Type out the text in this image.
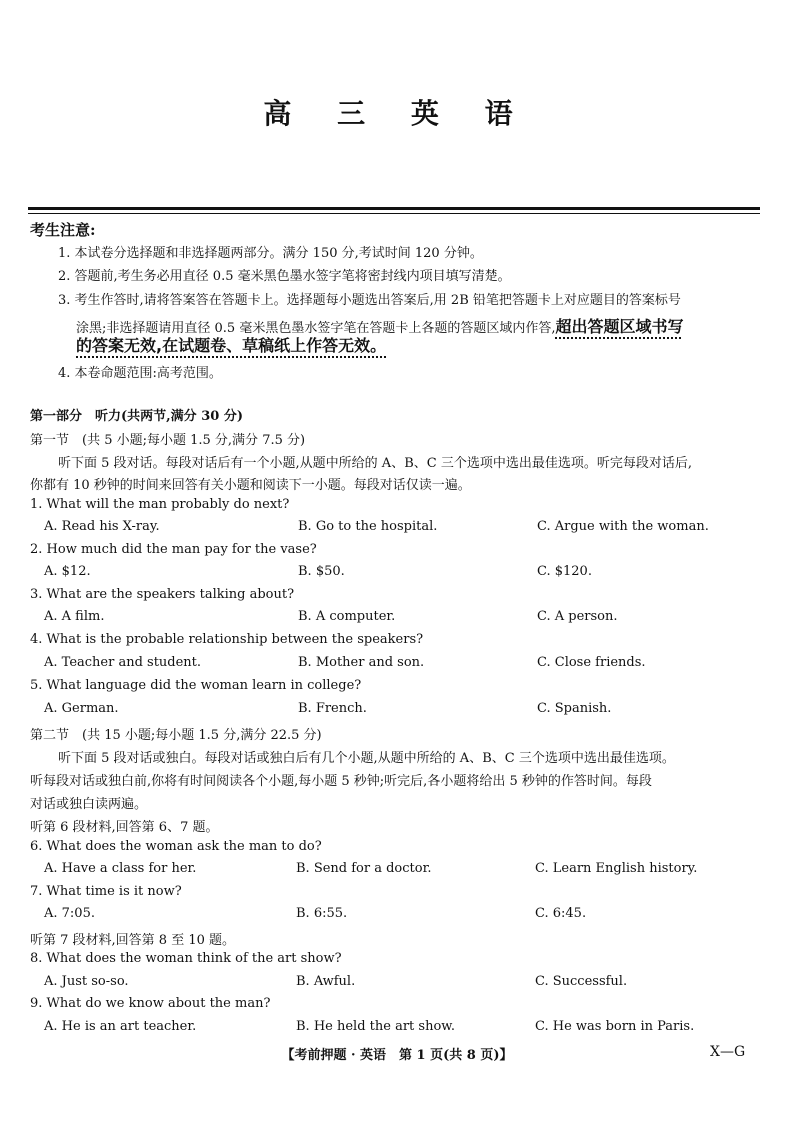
高 三 英 语
考生注意:
1. 本试卷分选择题和非选择题两部分。满分 150 分,考试时间 120 分钟。
2. 答题前,考生务必用直径 0.5 毫米黑色墨水签字笔将密封线内项目填写清楚。
3. 考生作答时,请将答案答在答题卡上。选择题每小题选出答案后,用 2B 铅笔把答题卡上对应题目的答案标号
涂黑;非选择题请用直径 0.5 毫米黑色墨水签字笔在答题卡上各题的答题区域内作答,超出答题区域书写
的答案无效,在试题卷、草稿纸上作答无效。
4. 本卷命题范围:高考范围。
第一部分　听力(共两节,满分 30 分)
第一节　(共 5 小题;每小题 1.5 分,满分 7.5 分)
听下面 5 段对话。每段对话后有一个小题,从题中所给的 A、B、C 三个选项中选出最佳选项。听完每段对话后,
你都有 10 秒钟的时间来回答有关小题和阅读下一小题。每段对话仅读一遍。
1. What will the man probably do next?
A. Read his X-ray.	B. Go to the hospital.	C. Argue with the woman.
2. How much did the man pay for the vase?
A. $12.	B. $50.	C. $120.
3. What are the speakers talking about?
A. A film.	B. A computer.	C. A person.
4. What is the probable relationship between the speakers?
A. Teacher and student.	B. Mother and son.	C. Close friends.
5. What language did the woman learn in college?
A. German.	B. French.	C. Spanish.
第二节　(共 15 小题;每小题 1.5 分,满分 22.5 分)
听下面 5 段对话或独白。每段对话或独白后有几个小题,从题中所给的 A、B、C 三个选项中选出最佳选项。
听每段对话或独白前,你将有时间阅读各个小题,每小题 5 秒钟;听完后,各小题将给出 5 秒钟的作答时间。每段
对话或独白读两遍。
听第 6 段材料,回答第 6、7 题。
6. What does the woman ask the man to do?
A. Have a class for her.	B. Send for a doctor.	C. Learn English history.
7. What time is it now?
A. 7:05.	B. 6:55.	C. 6:45.
听第 7 段材料,回答第 8 至 10 题。
8. What does the woman think of the art show?
A. Just so-so.	B. Awful.	C. Successful.
9. What do we know about the man?
A. He is an art teacher.	B. He held the art show.	C. He was born in Paris.
【考前押题 · 英语　第 1 页(共 8 页)】	X—G
